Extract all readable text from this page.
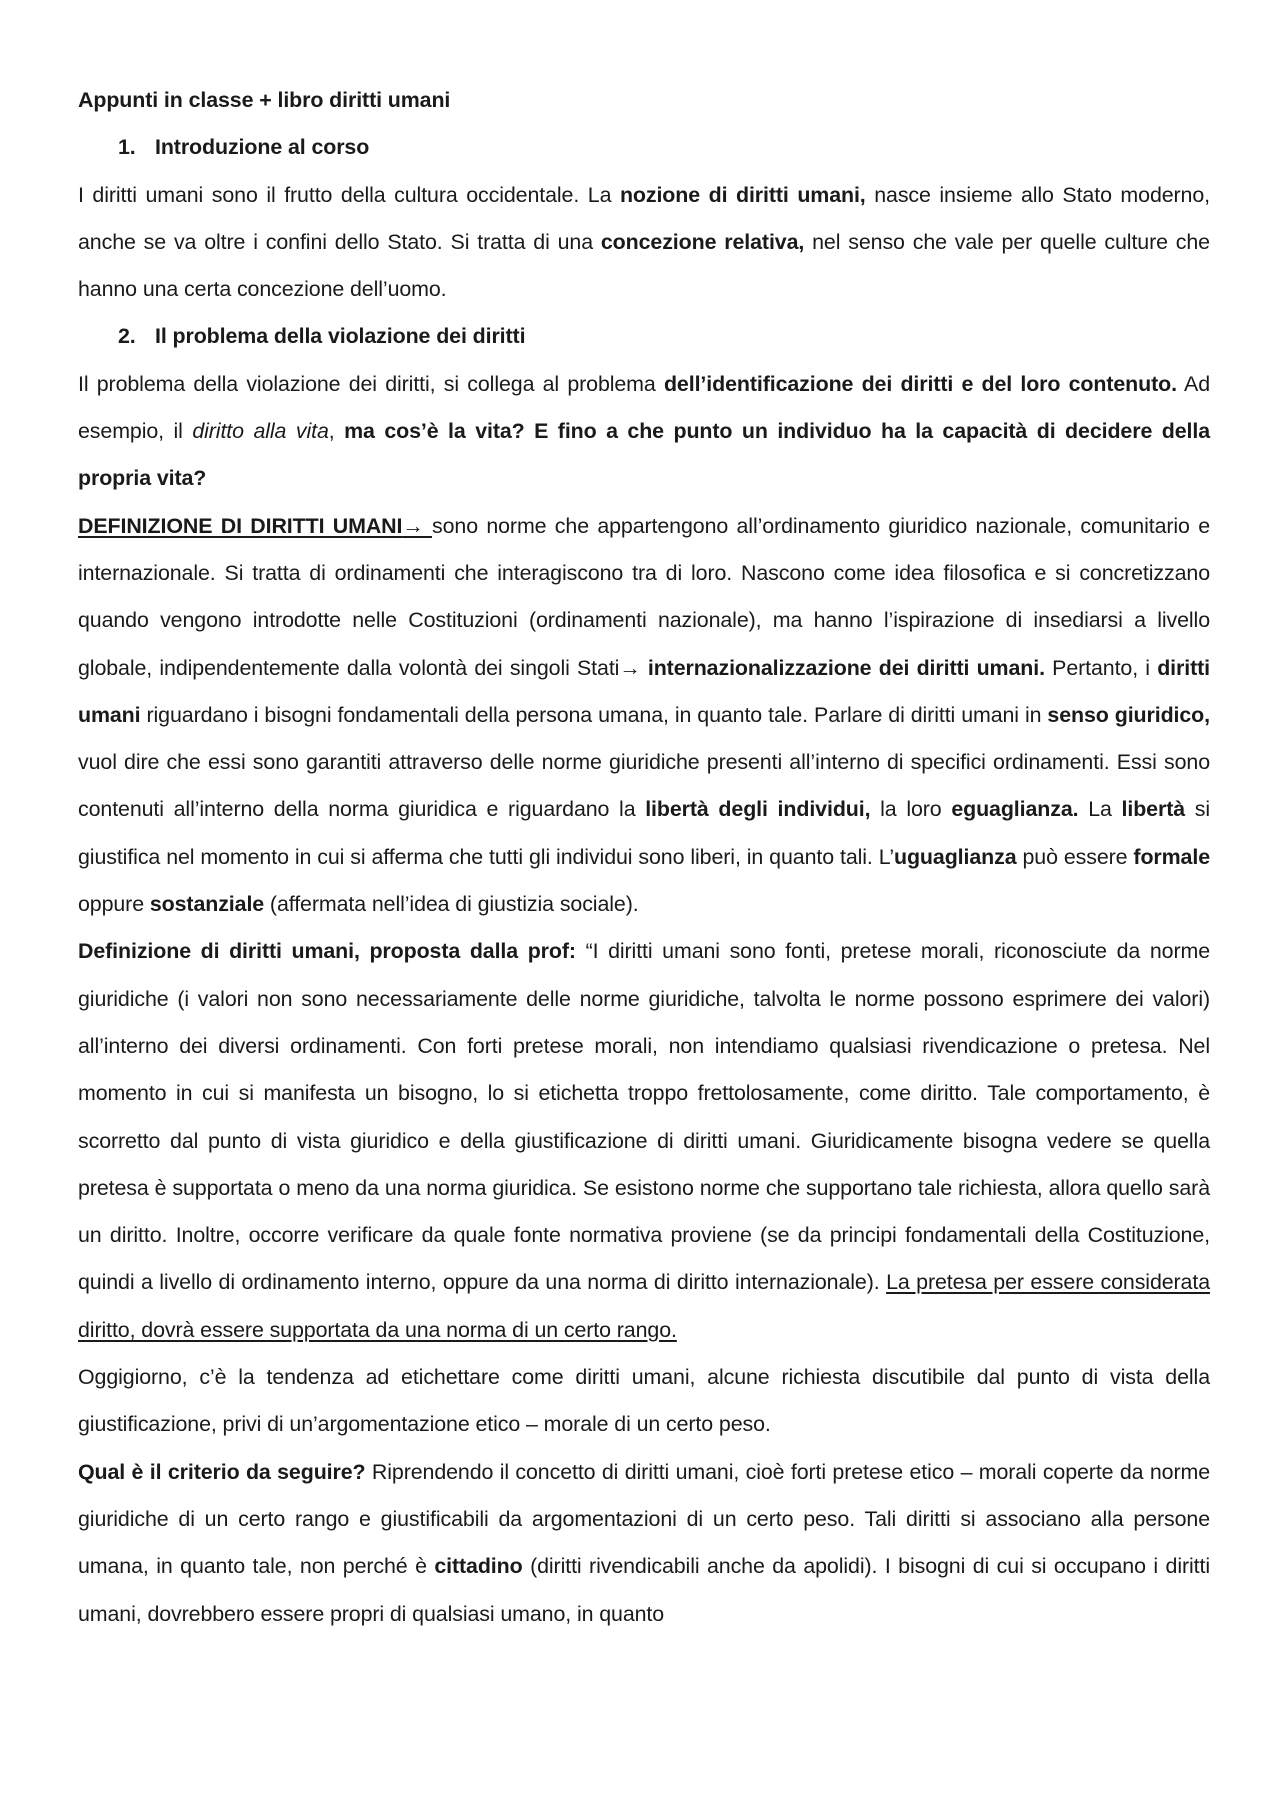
Appunti in classe + libro diritti umani

1. Introduzione al corso

I diritti umani sono il frutto della cultura occidentale. La nozione di diritti umani, nasce insieme allo Stato moderno, anche se va oltre i confini dello Stato. Si tratta di una concezione relativa, nel senso che vale per quelle culture che hanno una certa concezione dell’uomo.

2. Il problema della violazione dei diritti

Il problema della violazione dei diritti, si collega al problema dell’identificazione dei diritti e del loro contenuto. Ad esempio, il diritto alla vita, ma cos’è la vita? E fino a che punto un individuo ha la capacità di decidere della propria vita?

DEFINIZIONE DI DIRITTI UMANI→ sono norme che appartengono all’ordinamento giuridico nazionale, comunitario e internazionale. Si tratta di ordinamenti che interagiscono tra di loro. Nascono come idea filosofica e si concretizzano quando vengono introdotte nelle Costituzioni (ordinamenti nazionale), ma hanno l’ispirazione di insediarsi a livello globale, indipendentemente dalla volontà dei singoli Stati→ internazionalizzazione dei diritti umani. Pertanto, i diritti umani riguardano i bisogni fondamentali della persona umana, in quanto tale. Parlare di diritti umani in senso giuridico, vuol dire che essi sono garantiti attraverso delle norme giuridiche presenti all’interno di specifici ordinamenti. Essi sono contenuti all’interno della norma giuridica e riguardano la libertà degli individui, la loro eguaglianza. La libertà si giustifica nel momento in cui si afferma che tutti gli individui sono liberi, in quanto tali. L’uguaglianza può essere formale oppure sostanziale (affermata nell’idea di giustizia sociale).

Definizione di diritti umani, proposta dalla prof: “I diritti umani sono fonti, pretese morali, riconosciute da norme giuridiche (i valori non sono necessariamente delle norme giuridiche, talvolta le norme possono esprimere dei valori) all’interno dei diversi ordinamenti. Con forti pretese morali, non intendiamo qualsiasi rivendicazione o pretesa. Nel momento in cui si manifesta un bisogno, lo si etichetta troppo frettolosamente, come diritto. Tale comportamento, è scorretto dal punto di vista giuridico e della giustificazione di diritti umani. Giuridicamente bisogna vedere se quella pretesa è supportata o meno da una norma giuridica. Se esistono norme che supportano tale richiesta, allora quello sarà un diritto. Inoltre, occorre verificare da quale fonte normativa proviene (se da principi fondamentali della Costituzione, quindi a livello di ordinamento interno, oppure da una norma di diritto internazionale). La pretesa per essere considerata diritto, dovrà essere supportata da una norma di un certo rango.

Oggigiorno, c’è la tendenza ad etichettare come diritti umani, alcune richiesta discutibile dal punto di vista della giustificazione, privi di un’argomentazione etico – morale di un certo peso.

Qual è il criterio da seguire? Riprendendo il concetto di diritti umani, cioè forti pretese etico – morali coperte da norme giuridiche di un certo rango e giustificabili da argomentazioni di un certo peso. Tali diritti si associano alla persone umana, in quanto tale, non perché è cittadino (diritti rivendicabili anche da apolidi). I bisogni di cui si occupano i diritti umani, dovrebbero essere propri di qualsiasi umano, in quanto
